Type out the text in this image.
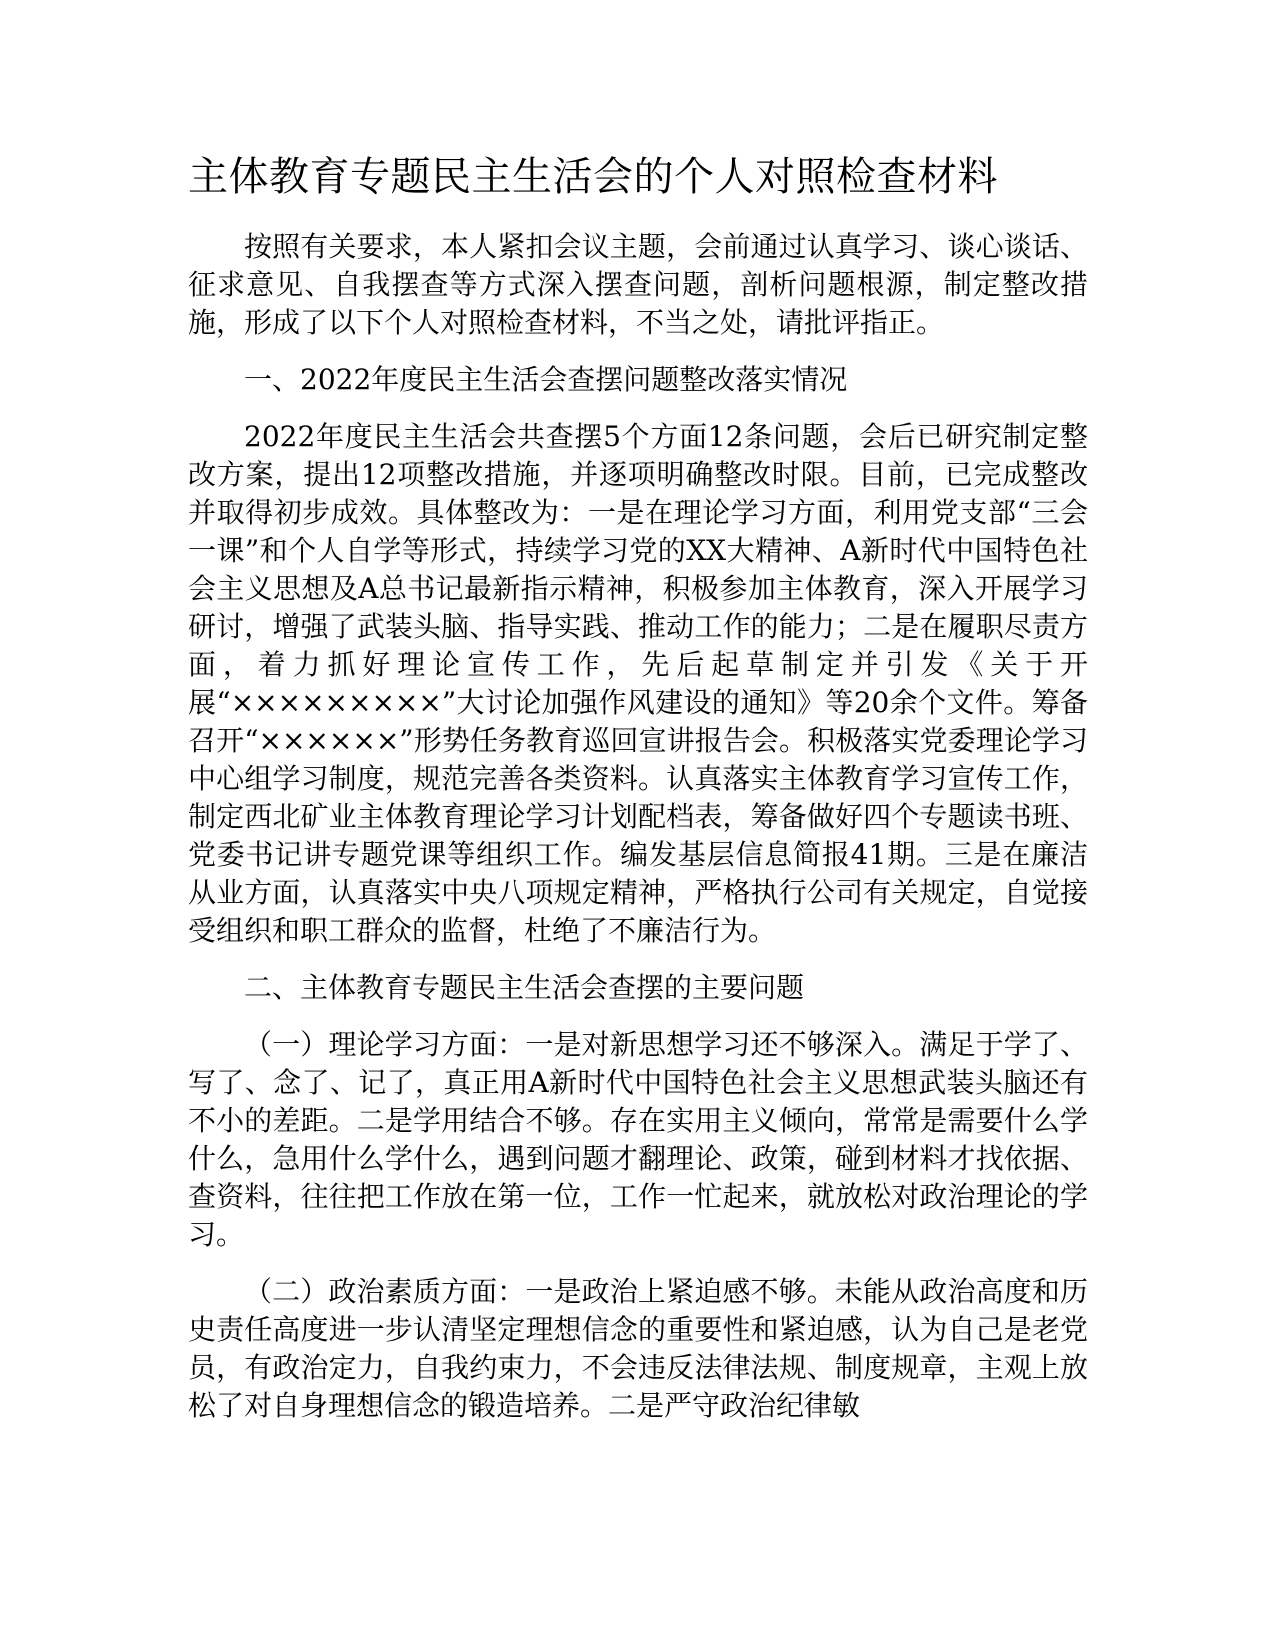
主体教育专题民主生活会的个人对照检查材料

按照有关要求，本人紧扣会议主题，会前通过认真学习、谈心谈话、征求意见、自我摆查等方式深入摆查问题，剖析问题根源，制定整改措施，形成了以下个人对照检查材料，不当之处，请批评指正。

一、2022年度民主生活会查摆问题整改落实情况

2022年度民主生活会共查摆5个方面12条问题，会后已研究制定整改方案，提出12项整改措施，并逐项明确整改时限。目前，已完成整改并取得初步成效。具体整改为：一是在理论学习方面，利用党支部“三会一课”和个人自学等形式，持续学习党的XX大精神、A新时代中国特色社会主义思想及A总书记最新指示精神，积极参加主体教育，深入开展学习研讨，增强了武装头脑、指导实践、推动工作的能力；二是在履职尽责方面，着力抓好理论宣传工作，先后起草制定并引发《关于开展“×××××××××”大讨论加强作风建设的通知》等20余个文件。筹备召开“××××××”形势任务教育巡回宣讲报告会。积极落实党委理论学习中心组学习制度，规范完善各类资料。认真落实主体教育学习宣传工作，制定西北矿业主体教育理论学习计划配档表，筹备做好四个专题读书班、党委书记讲专题党课等组织工作。编发基层信息简报41期。三是在廉洁从业方面，认真落实中央八项规定精神，严格执行公司有关规定，自觉接受组织和职工群众的监督，杜绝了不廉洁行为。

二、主体教育专题民主生活会查摆的主要问题

（一）理论学习方面：一是对新思想学习还不够深入。满足于学了、写了、念了、记了，真正用A新时代中国特色社会主义思想武装头脑还有不小的差距。二是学用结合不够。存在实用主义倾向，常常是需要什么学什么，急用什么学什么，遇到问题才翻理论、政策，碰到材料才找依据、查资料，往往把工作放在第一位，工作一忙起来，就放松对政治理论的学习。

（二）政治素质方面：一是政治上紧迫感不够。未能从政治高度和历史责任高度进一步认清坚定理想信念的重要性和紧迫感，认为自己是老党员，有政治定力，自我约束力，不会违反法律法规、制度规章，主观上放松了对自身理想信念的锻造培养。二是严守政治纪律敏
